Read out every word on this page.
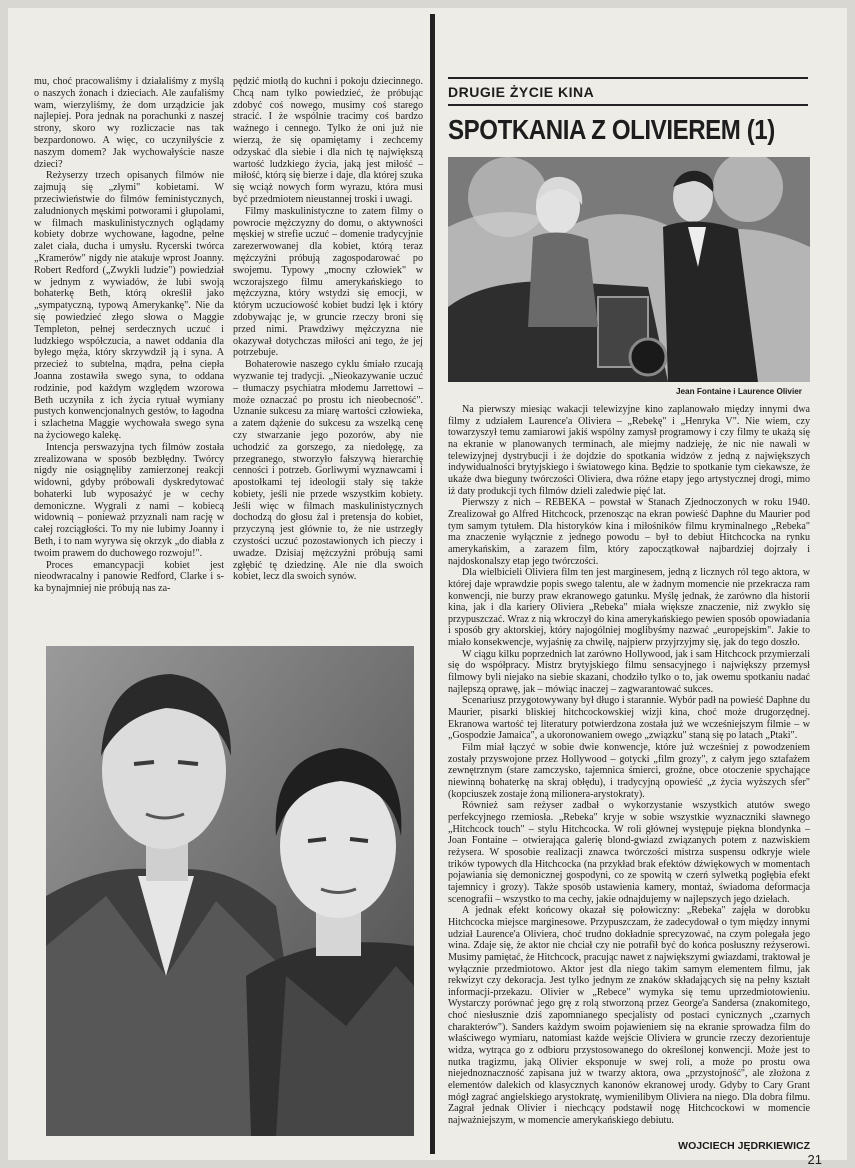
mu, choć pracowaliśmy i działaliśmy z myślą o naszych żonach i dzieciach. Ale zaufaliśmy wam, wierzyliśmy, że dom urządzicie jak najlepiej. Pora jednak na porachunki z naszej strony, skoro wy rozliczacie nas tak bezpardonowo. A więc, co uczyniłyście z naszym domem? Jak wychowałyście nasze dzieci?

Reżyserzy trzech opisanych filmów nie zajmują się „złymi" kobietami. W przeciwieństwie do filmów feministycznych, zaludnionych męskimi potworami i głupolami, w filmach maskulinistycznych oglądamy kobiety dobrze wychowane, łagodne, pełne zalet ciała, ducha i umysłu. Rycerski twórca „Kramerów" nigdy nie atakuje wprost Joanny. Robert Redford („Zwykli ludzie") powiedział w jednym z wywiadów, że lubi swoją bohaterkę Beth, którą określił jako „sympatyczną, typową Amerykankę". Nie da się powiedzieć złego słowa o Maggie Templeton, pełnej serdecznych uczuć i ludzkiego współczucia, a nawet oddania dla byłego męża, który skrzywdził ją i syna. A przecież to subtelna, mądra, pełna ciepła Joanna zostawiła swego syna, to oddana rodzinie, pod każdym względem wzorowa Beth uczyniła z ich życia rytuał wymiany pustych konwencjonalnych gestów, to łagodna i szlachetna Maggie wychowała swego syna na życiowego kalekę.

Intencja perswazyjna tych filmów została zrealizowana w sposób bezbłędny. Twórcy nigdy nie osiągnęliby zamierzonej reakcji widowni, gdyby próbowali dyskredytować bohaterki lub wyposażyć je w cechy demoniczne. Wygrali z nami – kobiecą widownią – ponieważ przyznali nam rację w całej rozciągłości. To my nie lubimy Joanny i Beth, i to nam wyrywa się okrzyk „do diabła z twoim prawem do duchowego rozwoju!".

Proces emancypacji kobiet jest nieodwracalny i panowie Redford, Clarke i s-ka bynajmniej nie próbują nas za-

pędzić miotłą do kuchni i pokoju dziecinnego. Chcą nam tylko powiedzieć, że próbując zdobyć coś nowego, musimy coś starego stracić. I że wspólnie tracimy coś bardzo ważnego i cennego. Tylko że oni już nie wierzą, że się opamiętamy i zechcemy odzyskać dla siebie i dla nich tę największą wartość ludzkiego życia, jaką jest miłość – miłość, którą się bierze i daje, dla której szuka się wciąż nowych form wyrazu, która musi być przedmiotem nieustannej troski i uwagi.

Filmy maskulinistyczne to zatem filmy o powrocie mężczyzny do domu, o aktywności męskiej w strefie uczuć – domenie tradycyjnie zarezerwowanej dla kobiet, którą teraz mężczyźni próbują zagospodarować po swojemu. Typowy „mocny człowiek" w wczorajszego filmu amerykańskiego to mężczyzna, który wstydzi się emocji, w którym uczuciowość kobiet budzi lęk i który zdobywając je, w gruncie rzeczy broni się przed nimi. Prawdziwy mężczyzna nie okazywał dotychczas miłości ani tego, że jej potrzebuje.

Bohaterowie naszego cyklu śmiało rzucają wyzwanie tej tradycji. „Nieokazywanie uczuć – tłumaczy psychiatra młodemu Jarrettowi – może oznaczać po prostu ich nieobecność". Uznanie sukcesu za miarę wartości człowieka, a zatem dążenie do sukcesu za wszelką cenę czy stwarzanie jego pozorów, aby nie uchodzić za gorszego, za niedołęgę, za przegranego, stworzyło fałszywą hierarchię cenności i potrzeb. Gorliwymi wyznawcami i apostołkami tej ideologii stały się także kobiety, jeśli nie przede wszystkim kobiety. Jeśli więc w filmach maskulinistycznych dochodzą do głosu żal i pretensja do kobiet, przyczyną jest głównie to, że nie ustrzegły czystości uczuć pozostawionych ich pieczy i uwadze. Dzisiaj mężczyźni próbują sami zgłębić tę dziedzinę. Ale nie dla swoich kobiet, lecz dla swoich synów.

DRUGIE ŻYCIE KINA
SPOTKANIA Z OLIVIEREM (1)
Jean Fontaine i Laurence Olivier

Na pierwszy miesiąc wakacji telewizyjne kino zaplanowało między innymi dwa filmy z udziałem Laurence'a Oliviera – „Rebekę" i „Henryka V". Nie wiem, czy towarzyszył temu zamiarowi jakiś wspólny zamysł programowy i czy filmy te ukażą się na ekranie w planowanych terminach, ale miejmy nadzieję, że nic nie nawali w telewizyjnej dystrybucji i że dojdzie do spotkania widzów z jedną z największych indywidualności brytyjskiego i światowego kina. Będzie to spotkanie tym ciekawsze, że ukaże dwa bieguny twórczości Oliviera, dwa różne etapy jego artystycznej drogi, mimo iż daty produkcji tych filmów dzieli zaledwie pięć lat.

Pierwszy z nich – REBEKA – powstał w Stanach Zjednoczonych w roku 1940. Zrealizował go Alfred Hitchcock, przenosząc na ekran powieść Daphne du Maurier pod tym samym tytułem. Dla historyków kina i miłośników filmu kryminalnego „Rebeka" ma znaczenie wyłącznie z jednego powodu – był to debiut Hitchcocka na rynku amerykańskim, a zarazem film, który zapoczątkował najbardziej dojrzały i najdoskonalszy etap jego twórczości.

Dla wielbicieli Oliviera film ten jest marginesem, jedną z licznych ról tego aktora, w której daje wprawdzie popis swego talentu, ale w żadnym momencie nie przekracza ram konwencji, nie burzy praw ekranowego gatunku. Myślę jednak, że zarówno dla historii kina, jak i dla kariery Oliviera „Rebeka" miała większe znaczenie, niż zwykło się przypuszczać. Wraz z nią wkroczył do kina amerykańskiego pewien sposób opowiadania i sposób gry aktorskiej, który najogólniej moglibyśmy nazwać „europejskim". Jakie to miało konsekwencje, wyjaśnię za chwilę, najpierw przyjrzyjmy się, jak do tego doszło.

W ciągu kilku poprzednich lat zarówno Hollywood, jak i sam Hitchcock przymierzali się do współpracy. Mistrz brytyjskiego filmu sensacyjnego i największy przemysł filmowy byli niejako na siebie skazani, chodziło tylko o to, jak owemu spotkaniu nadać najlepszą oprawę, jak – mówiąc inaczej – zagwarantować sukces.

Scenariusz przygotowywany był długo i starannie. Wybór padł na powieść Daphne du Maurier, pisarki bliskiej hitchcockowskiej wizji kina, choć może drugorzędnej. Ekranowa wartość tej literatury potwierdzona została już we wcześniejszym filmie – w „Gospodzie Jamaica", a ukoronowaniem owego „związku" staną się po latach „Ptaki".

Film miał łączyć w sobie dwie konwencje, które już wcześniej z powodzeniem zostały przyswojone przez Hollywood – gotycki „film grozy", z całym jego sztafażem zewnętrznym (stare zamczysko, tajemnica śmierci, groźne, obce otoczenie spychające niewinną bohaterkę na skraj obłędu), i tradycyjną opowieść „z życia wyższych sfer" (kopciuszek zostaje żoną milionera-arystokraty).

Również sam reżyser zadbał o wykorzystanie wszystkich atutów swego perfekcyjnego rzemiosła. „Rebeka" kryje w sobie wszystkie wyznaczniki sławnego „Hitchcock touch" – stylu Hitchcocka. W roli głównej występuje piękna blondynka – Joan Fontaine – otwierająca galerię blond-gwiazd związanych potem z nazwiskiem reżysera. W sposobie realizacji znawca twórczości mistrza suspensu odkryje wiele trików typowych dla Hitchcocka (na przykład brak efektów dźwiękowych w momentach pojawiania się demonicznej gospodyni, co ze spowitą w czerń sylwetką pogłębia efekt tajemnicy i grozy). Także sposób ustawienia kamery, montaż, świadoma deformacja scenografii – wszystko to ma cechy, jakie odnajdujemy w najlepszych jego dziełach.

A jednak efekt końcowy okazał się połowiczny: „Rebeka" zajęła w dorobku Hitchcocka miejsce marginesowe. Przypuszczam, że zadecydował o tym między innymi udział Laurence'a Oliviera, choć trudno dokładnie sprecyzować, na czym polegała jego wina. Zdaje się, że aktor nie chciał czy nie potrafił być do końca posłuszny reżyserowi. Musimy pamiętać, że Hitchcock, pracując nawet z największymi gwiazdami, traktował je wyłącznie przedmiotowo. Aktor jest dla niego takim samym elementem filmu, jak rekwizyt czy dekoracja. Jest tylko jednym ze znaków składających się na pełny kształt informacji-przekazu. Olivier w „Rebece" wymyka się temu uprzedmiotowieniu. Wystarczy porównać jego grę z rolą stworzoną przez George'a Sandersa (znakomitego, choć niesłusznie dziś zapomnianego specjalisty od postaci cynicznych „czarnych charakterów"). Sanders każdym swoim pojawieniem się na ekranie sprowadza film do właściwego wymiaru, natomiast każde wejście Oliviera w gruncie rzeczy dezorientuje widza, wytrąca go z odbioru przystosowanego do określonej konwencji. Może jest to nutka tragizmu, jaką Olivier eksponuje w swej roli, a może po prostu owa niejednoznaczność zapisana już w twarzy aktora, owa „przystojność", ale złożona z elementów dalekich od klasycznych kanonów ekranowej urody. Gdyby to Cary Grant mógł zagrać angielskiego arystokratę, wymienilibym Oliviera na niego. Dla dobra filmu. Zagrał jednak Olivier i niechcący podstawił nogę Hitchcockowi w momencie najważniejszym, w momencie amerykańskiego debiutu.

WOJCIECH JĘDRKIEWICZ
21
